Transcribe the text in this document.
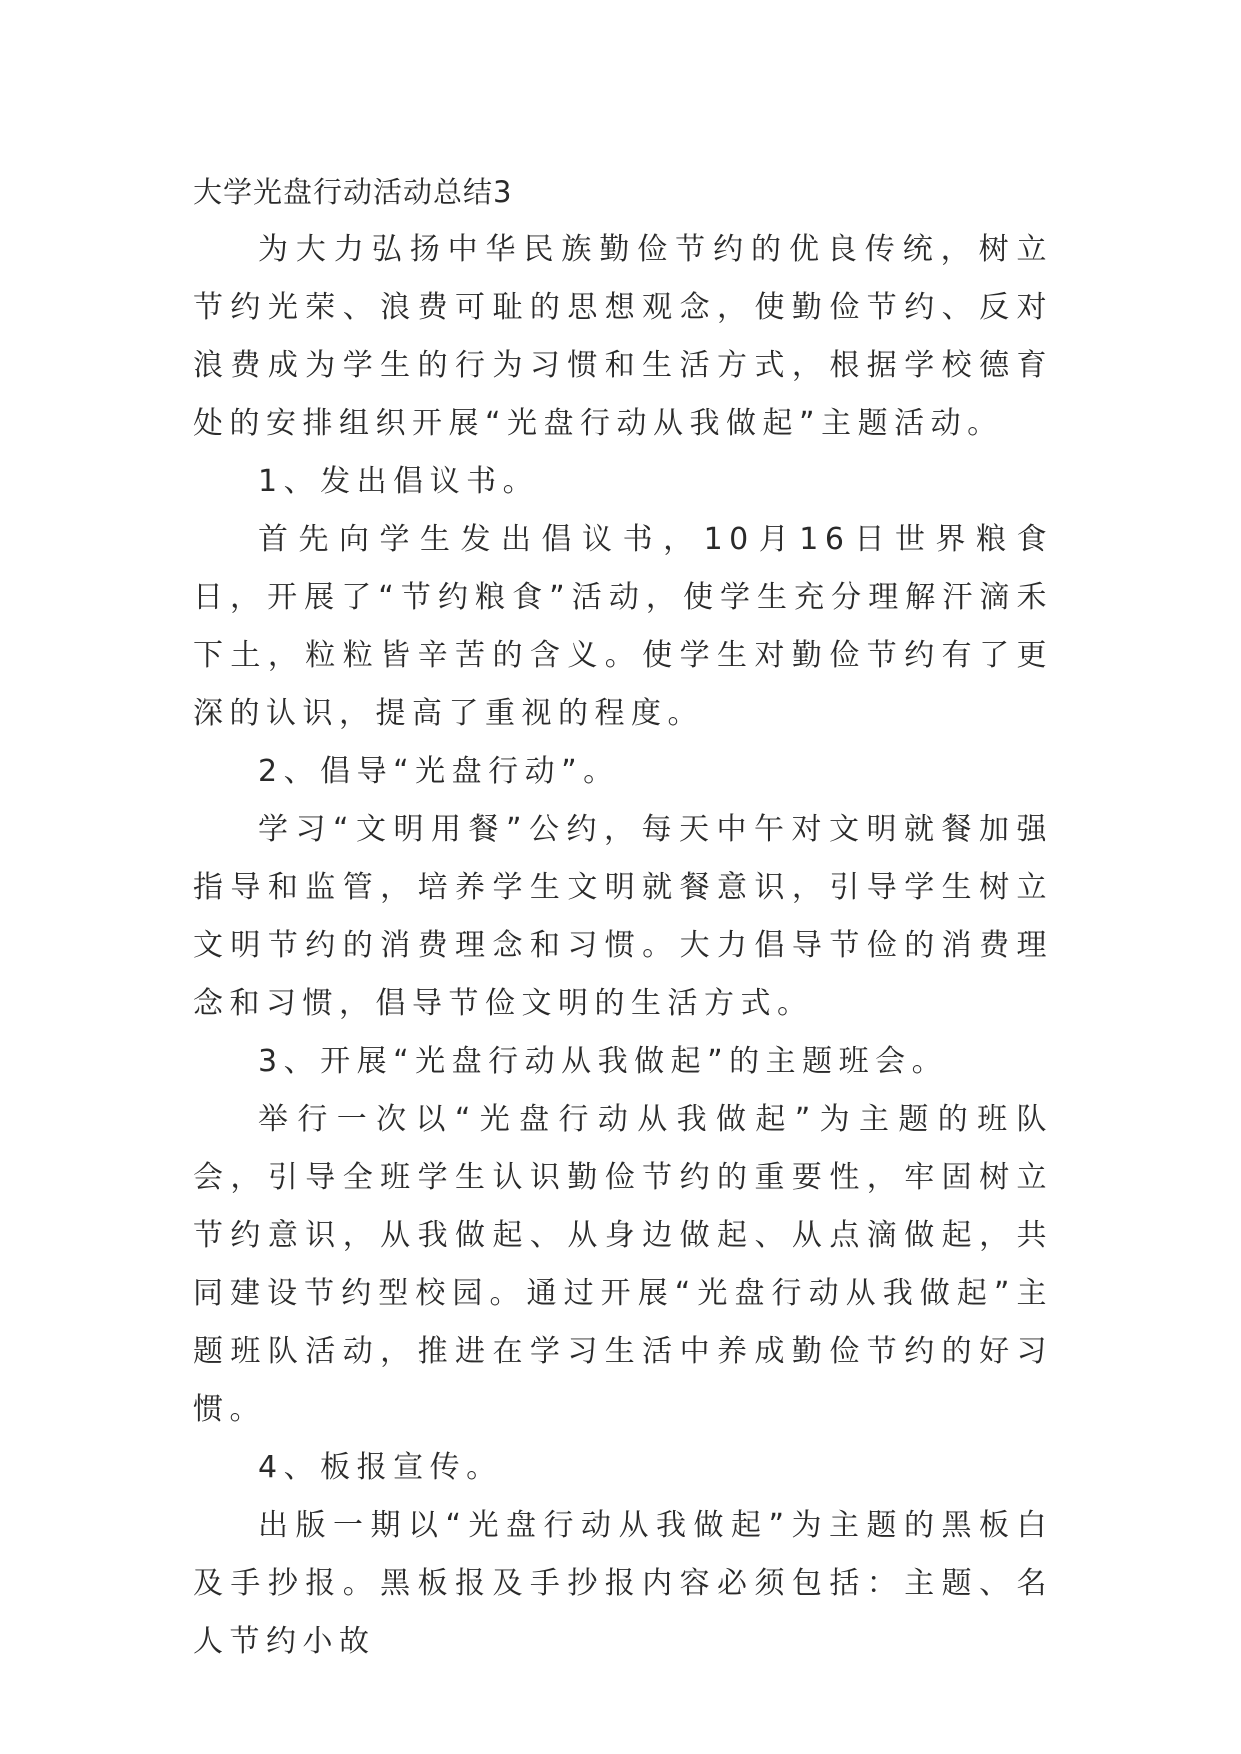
大学光盘行动活动总结3

为大力弘扬中华民族勤俭节约的优良传统，树立节约光荣、浪费可耻的思想观念，使勤俭节约、反对浪费成为学生的行为习惯和生活方式，根据学校德育处的安排组织开展“光盘行动从我做起”主题活动。

1、发出倡议书。

首先向学生发出倡议书，10月16日世界粮食日，开展了“节约粮食”活动，使学生充分理解汗滴禾下土，粒粒皆辛苦的含义。使学生对勤俭节约有了更深的认识，提高了重视的程度。

2、倡导“光盘行动”。

学习“文明用餐”公约，每天中午对文明就餐加强指导和监管，培养学生文明就餐意识，引导学生树立文明节约的消费理念和习惯。大力倡导节俭的消费理念和习惯，倡导节俭文明的生活方式。

3、开展“光盘行动从我做起”的主题班会。

举行一次以“光盘行动从我做起”为主题的班队会，引导全班学生认识勤俭节约的重要性，牢固树立节约意识，从我做起、从身边做起、从点滴做起，共同建设节约型校园。通过开展“光盘行动从我做起”主题班队活动，推进在学习生活中养成勤俭节约的好习惯。

4、板报宣传。

出版一期以“光盘行动从我做起”为主题的黑板白及手抄报。黑板报及手抄报内容必须包括：主题、名人节约小故
